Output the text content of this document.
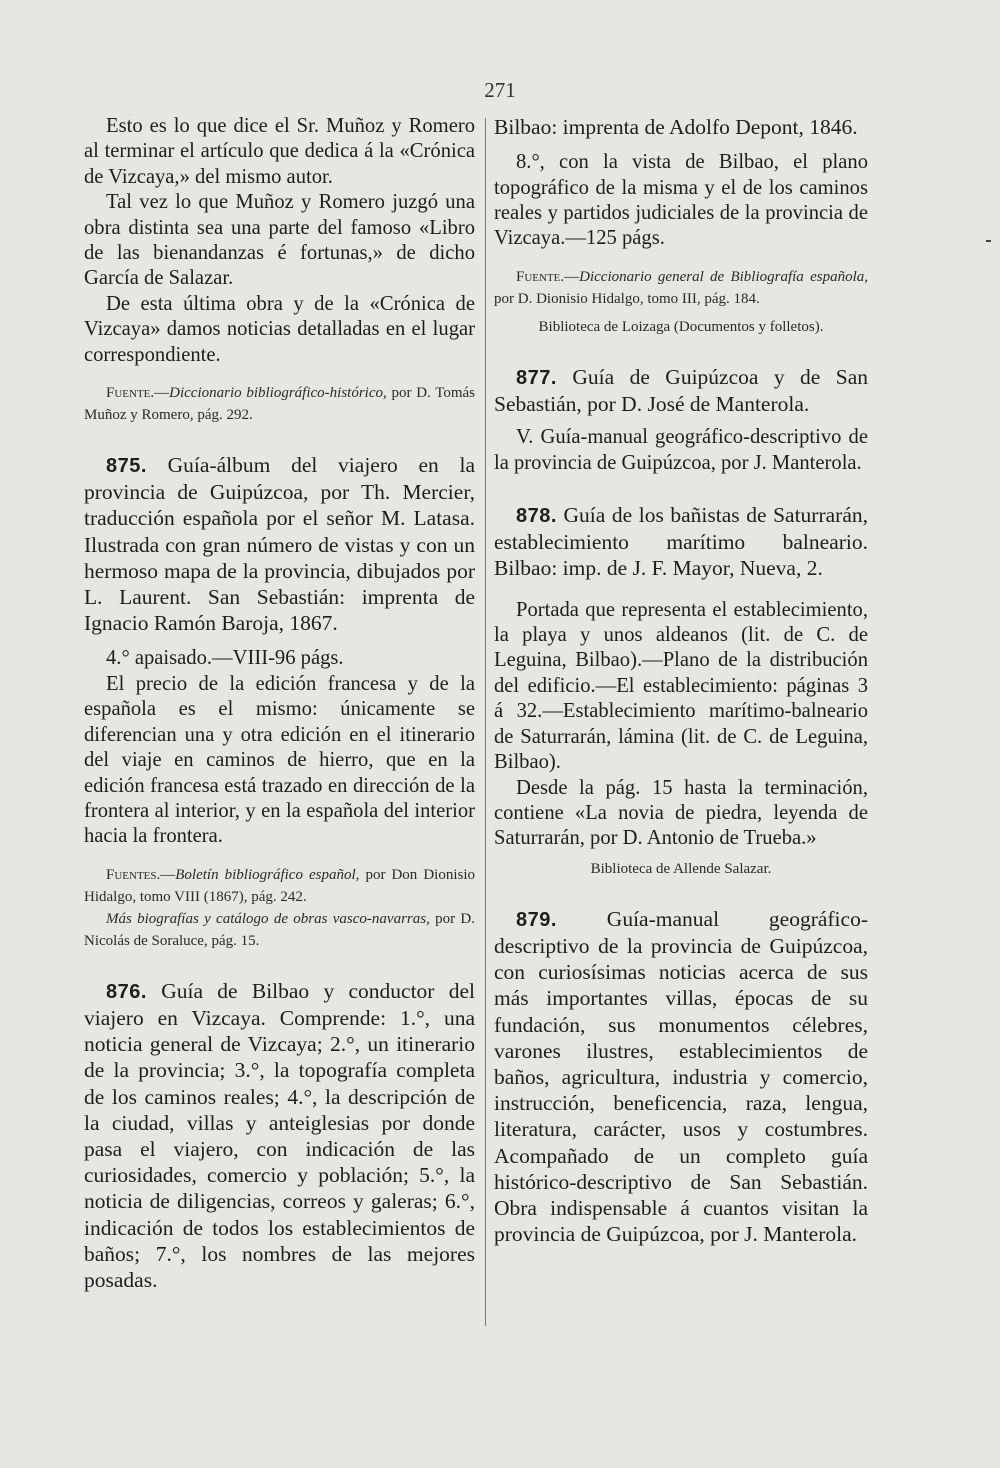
271

Esto es lo que dice el Sr. Muñoz y Romero al terminar el artículo que dedica á la «Crónica de Vizcaya,» del mismo autor.

Tal vez lo que Muñoz y Romero juzgó una obra distinta sea una parte del famoso «Libro de las bienandanzas é fortunas,» de dicho García de Salazar.

De esta última obra y de la «Crónica de Vizcaya» damos noticias detalladas en el lugar correspondiente.

Fuente.—Diccionario bibliográfico-histórico, por D. Tomás Muñoz y Romero, pág. 292.

875. Guía-álbum del viajero en la provincia de Guipúzcoa, por Th. Mercier, traducción española por el señor M. Latasa. Ilustrada con gran número de vistas y con un hermoso mapa de la provincia, dibujados por L. Laurent. San Sebastián: imprenta de Ignacio Ramón Baroja, 1867.

4.° apaisado.—VIII-96 págs.

El precio de la edición francesa y de la española es el mismo: únicamente se diferencian una y otra edición en el itinerario del viaje en caminos de hierro, que en la edición francesa está trazado en dirección de la frontera al interior, y en la española del interior hacia la frontera.

Fuentes.—Boletín bibliográfico español, por Don Dionisio Hidalgo, tomo VIII (1867), pág. 242.

Más biografías y catálogo de obras vasco-navarras, por D. Nicolás de Soraluce, pág. 15.

876. Guía de Bilbao y conductor del viajero en Vizcaya. Comprende: 1.°, una noticia general de Vizcaya; 2.°, un itinerario de la provincia; 3.°, la topografía completa de los caminos reales; 4.°, la descripción de la ciudad, villas y anteiglesias por donde pasa el viajero, con indicación de las curiosidades, comercio y población; 5.°, la noticia de diligencias, correos y galeras; 6.°, indicación de todos los establecimientos de baños; 7.°, los nombres de las mejores posadas.

Bilbao: imprenta de Adolfo Depont, 1846.

8.°, con la vista de Bilbao, el plano topográfico de la misma y el de los caminos reales y partidos judiciales de la provincia de Vizcaya.—125 págs.

Fuente.—Diccionario general de Bibliografía española, por D. Dionisio Hidalgo, tomo III, pág. 184.

Biblioteca de Loizaga (Documentos y folletos).

877. Guía de Guipúzcoa y de San Sebastián, por D. José de Manterola.

V. Guía-manual geográfico-descriptivo de la provincia de Guipúzcoa, por J. Manterola.

878. Guía de los bañistas de Saturrarán, establecimiento marítimo balneario. Bilbao: imp. de J. F. Mayor, Nueva, 2.

Portada que representa el establecimiento, la playa y unos aldeanos (lit. de C. de Leguina, Bilbao).—Plano de la distribución del edificio.—El establecimiento: páginas 3 á 32.—Establecimiento marítimo-balneario de Saturrarán, lámina (lit. de C. de Leguina, Bilbao).

Desde la pág. 15 hasta la terminación, contiene «La novia de piedra, leyenda de Saturrarán, por D. Antonio de Trueba.»

Biblioteca de Allende Salazar.

879. Guía-manual geográfico-descriptivo de la provincia de Guipúzcoa, con curiosísimas noticias acerca de sus más importantes villas, épocas de su fundación, sus monumentos célebres, varones ilustres, establecimientos de baños, agricultura, industria y comercio, instrucción, beneficencia, raza, lengua, literatura, carácter, usos y costumbres. Acompañado de un completo guía histórico-descriptivo de San Sebastián. Obra indispensable á cuantos visitan la provincia de Guipúzcoa, por J. Manterola.
